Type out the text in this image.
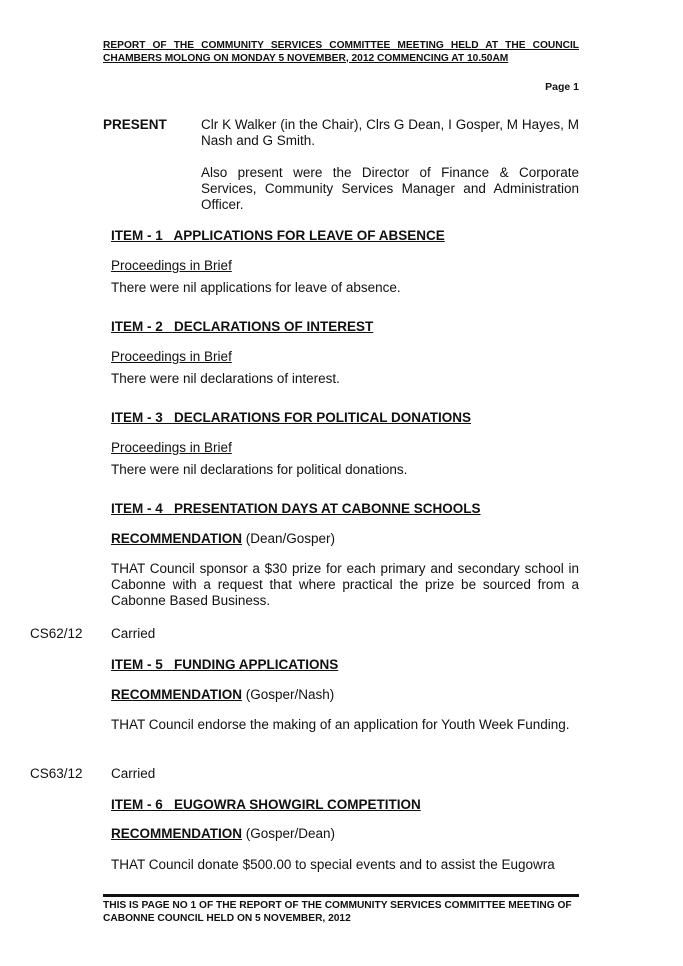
REPORT OF THE COMMUNITY SERVICES COMMITTEE MEETING HELD AT THE COUNCIL CHAMBERS MOLONG ON MONDAY 5 NOVEMBER, 2012 COMMENCING AT 10.50AM
Page 1
PRESENT	Clr K Walker (in the Chair), Clrs G Dean, I Gosper, M Hayes, M Nash and G Smith.
Also present were the Director of Finance & Corporate Services, Community Services Manager and Administration Officer.
ITEM - 1   APPLICATIONS FOR LEAVE OF ABSENCE
Proceedings in Brief
There were nil applications for leave of absence.
ITEM - 2   DECLARATIONS OF INTEREST
Proceedings in Brief
There were nil declarations of interest.
ITEM - 3   DECLARATIONS FOR POLITICAL DONATIONS
Proceedings in Brief
There were nil declarations for political donations.
ITEM - 4   PRESENTATION DAYS AT CABONNE SCHOOLS
RECOMMENDATION (Dean/Gosper)
THAT Council sponsor a $30 prize for each primary and secondary school in Cabonne with a request that where practical the prize be sourced from a Cabonne Based Business.
CS62/12 Carried
ITEM - 5   FUNDING APPLICATIONS
RECOMMENDATION (Gosper/Nash)
THAT Council endorse the making of an application for Youth Week Funding.
CS63/12 Carried
ITEM - 6   EUGOWRA SHOWGIRL COMPETITION
RECOMMENDATION (Gosper/Dean)
THAT Council donate $500.00 to special events and to assist the Eugowra
THIS IS PAGE NO 1 OF THE REPORT OF THE COMMUNITY SERVICES COMMITTEE MEETING OF CABONNE COUNCIL HELD ON 5 NOVEMBER, 2012
